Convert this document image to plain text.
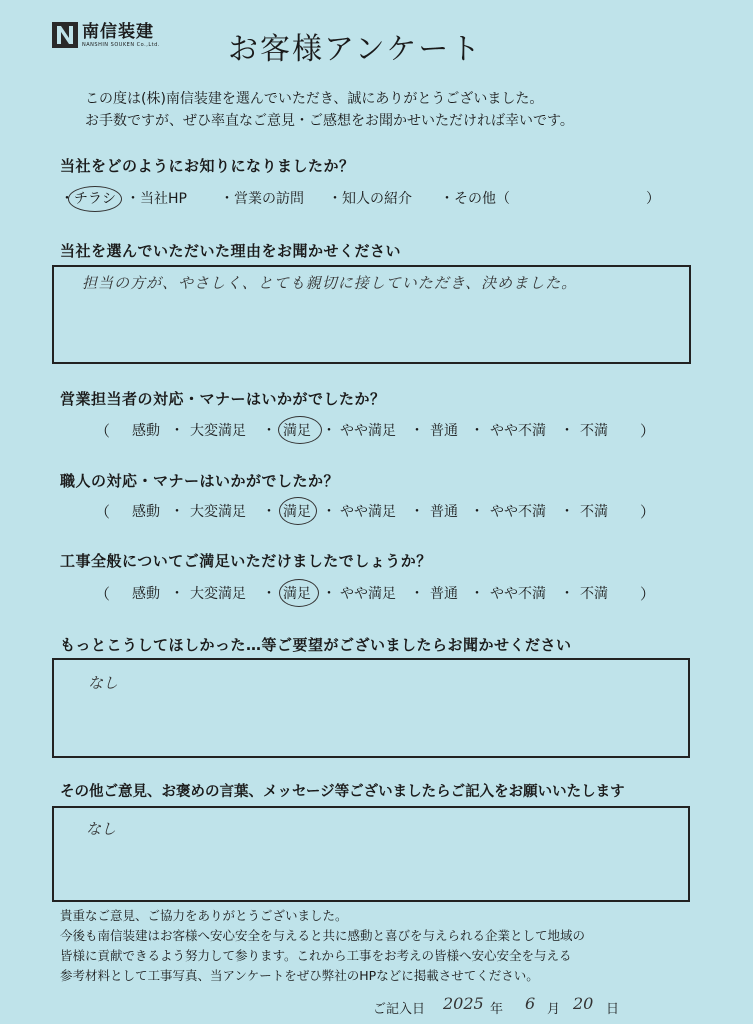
南信装建
NANSHIN SOUKEN Co.,Ltd. お客様アンケート
この度は(株)南信装建を選んでいただき、誠にありがとうございました。
お手数ですが、ぜひ率直なご意見・ご感想をお聞かせいただければ幸いです。
当社をどのようにお知りになりましたか？
・ チラシ ・ 当社HP ・ 営業の訪問 ・ 知人の紹介 ・ その他（	）
当社を選んでいただいた理由をお聞かせください
担当の方が、やさしく、とても親切に接していただき、決めました。
営業担当者の対応・マナーはいかがでしたか？
（ 感動 ・ 大変満足 ・ 満足 ・ やや満足 ・ 普通 ・ やや不満 ・ 不満 ）
職人の対応・マナーはいかがでしたか？
（ 感動 ・ 大変満足 ・ 満足 ・ やや満足 ・ 普通 ・ やや不満 ・ 不満 ）
工事全般についてご満足いただけましたでしょうか？
（ 感動 ・ 大変満足 ・ 満足 ・ やや満足 ・ 普通 ・ やや不満 ・ 不満 ）
もっとこうしてほしかった…等ご要望がございましたらお聞かせください
なし
その他ご意見、お褒めの言葉、メッセージ等ございましたらご記入をお願いいたします
なし
貴重なご意見、ご協力をありがとうございました。
今後も南信装建はお客様へ安心安全を与えると共に感動と喜びを与えられる企業として地域の
皆様に貢献できるよう努力して参ります。これから工事をお考えの皆様へ安心安全を与える
参考材料として工事写真、当アンケートをぜひ弊社のHPなどに掲載させてください。
ご記入日 2025 年 6 月 20 日
